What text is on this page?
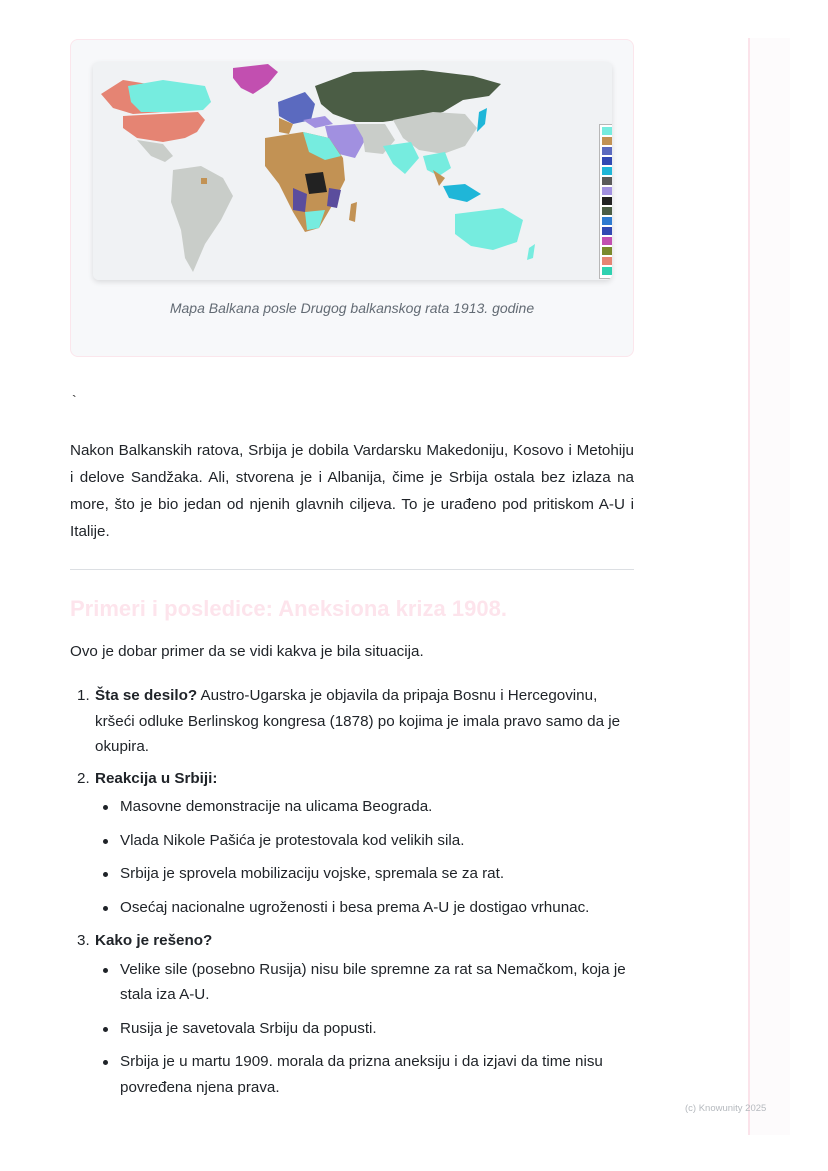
Mapa Balkana posle Drugog balkanskog rata 1913. godine
`

Nakon Balkanskih ratova, Srbija je dobila Vardarsku Makedoniju, Kosovo i Metohiju i delove Sandžaka. Ali, stvorena je i Albanija, čime je Srbija ostala bez izlaza na more, što je bio jedan od njenih glavnih ciljeva. To je urađeno pod pritiskom A-U i Italije.

Primeri i posledice: Aneksiona kriza 1908.

Ovo je dobar primer da se vidi kakva je bila situacija.

1. Šta se desilo? Austro-Ugarska je objavila da pripaja Bosnu i Hercegovinu, kršeći odluke Berlinskog kongresa (1878) po kojima je imala pravo samo da je okupira.
2. Reakcija u Srbiji:
Masovne demonstracije na ulicama Beograda.
Vlada Nikole Pašića je protestovala kod velikih sila.
Srbija je sprovela mobilizaciju vojske, spremala se za rat.
Osećaj nacionalne ugroženosti i besa prema A-U je dostigao vrhunac.
3. Kako je rešeno?
Velike sile (posebno Rusija) nisu bile spremne za rat sa Nemačkom, koja je stala iza A-U.
Rusija je savetovala Srbiju da popusti.
Srbija je u martu 1909. morala da prizna aneksiju i da izjavi da time nisu povređena njena prava.
(c) Knowunity 2025
